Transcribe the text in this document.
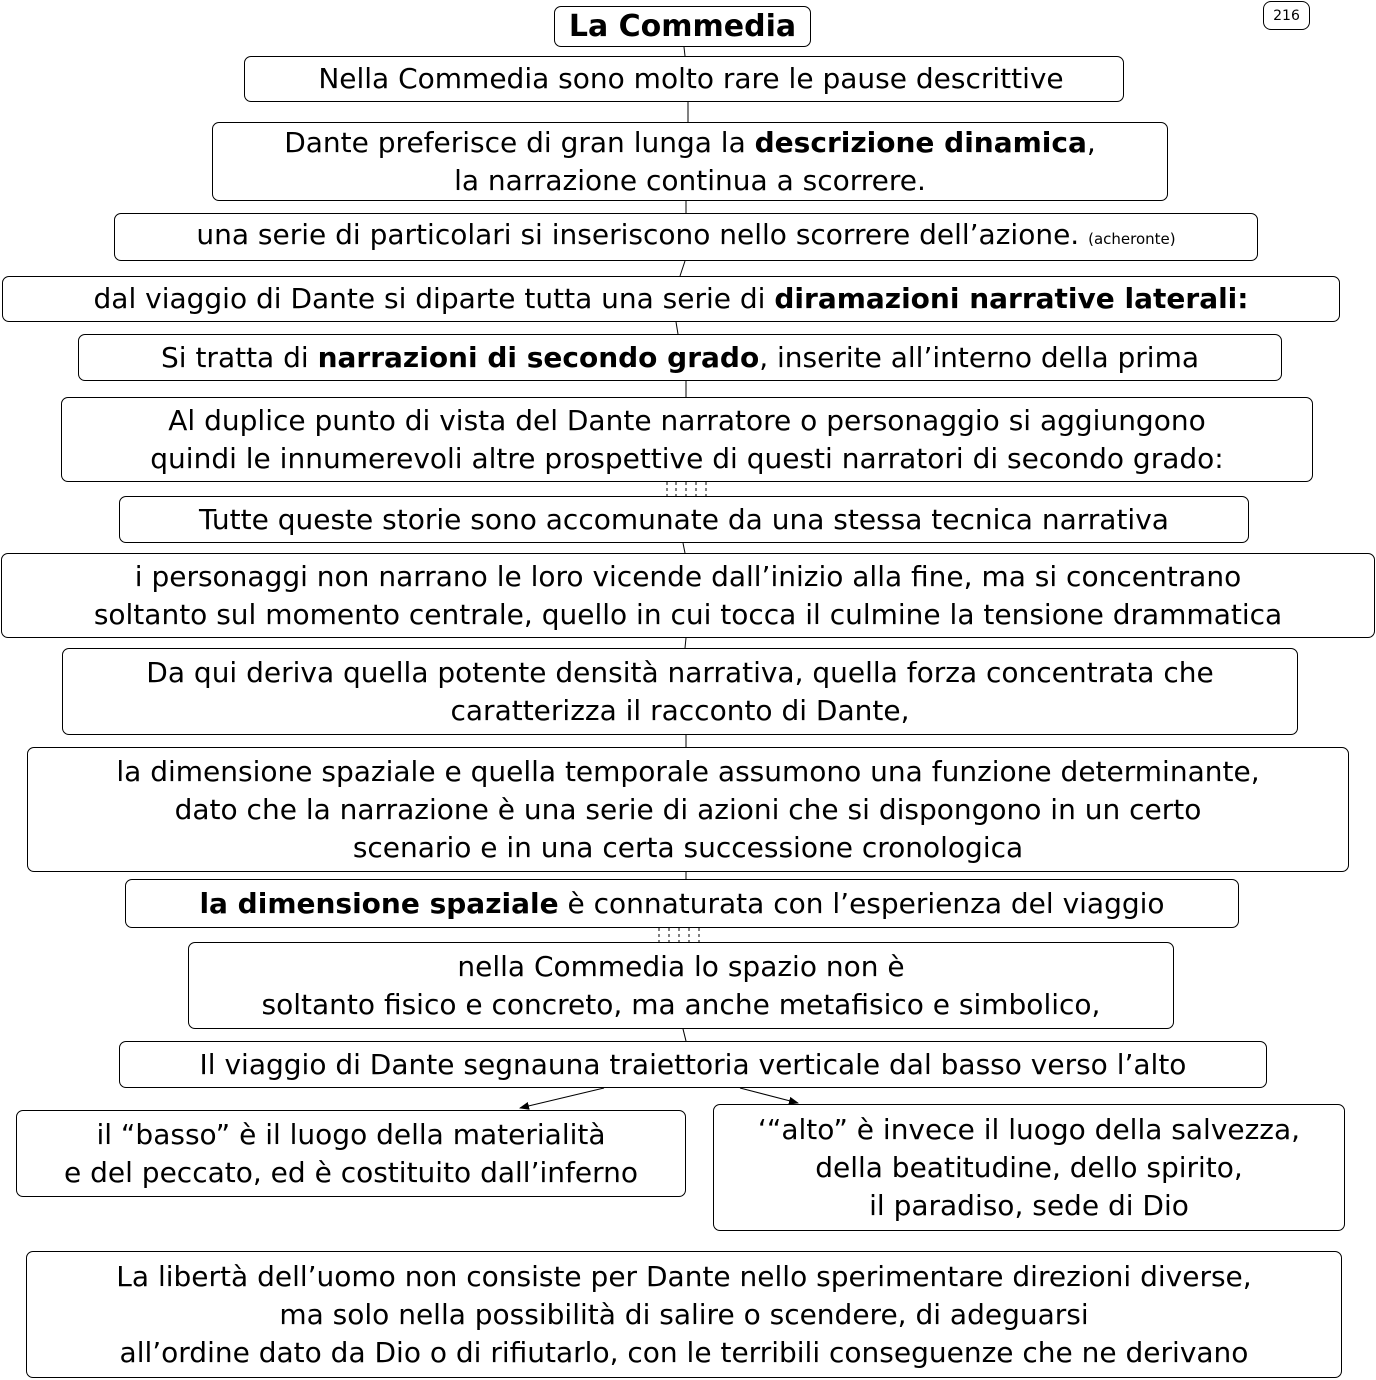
216
La Commedia
Nella Commedia sono molto rare le pause descrittive
Dante preferisce di gran lunga la descrizione dinamica,
la narrazione continua a scorrere.
una serie di particolari si inseriscono nello scorrere dell’azione. (acheronte)
dal viaggio di Dante si diparte tutta una serie di diramazioni narrative laterali:
Si tratta di narrazioni di secondo grado, inserite all’interno della prima
Al duplice punto di vista del Dante narratore o personaggio si aggiungono
quindi le innumerevoli altre prospettive di questi narratori di secondo grado:
Tutte queste storie sono accomunate da una stessa tecnica narrativa
i personaggi non narrano le loro vicende dall’inizio alla fine, ma si concentrano
soltanto sul momento centrale, quello in cui tocca il culmine la tensione drammatica
Da qui deriva quella potente densità narrativa, quella forza concentrata che
caratterizza il racconto di Dante,
la dimensione spaziale e quella temporale assumono una funzione determinante,
dato che la narrazione è una serie di azioni che si dispongono in un certo
scenario e in una certa successione cronologica
la dimensione spaziale è connaturata con l’esperienza del viaggio
nella Commedia lo spazio non è
soltanto fisico e concreto, ma anche metafisico e simbolico,
Il viaggio di Dante segnauna traiettoria verticale dal basso verso l’alto
il “basso” è il luogo della materialità
e del peccato, ed è costituito dall’inferno
‘“alto” è invece il luogo della salvezza,
della beatitudine, dello spirito,
il paradiso, sede di Dio
La libertà dell’uomo non consiste per Dante nello sperimentare direzioni diverse,
ma solo nella possibilità di salire o scendere, di adeguarsi
all’ordine dato da Dio o di rifiutarlo, con le terribili conseguenze che ne derivano
